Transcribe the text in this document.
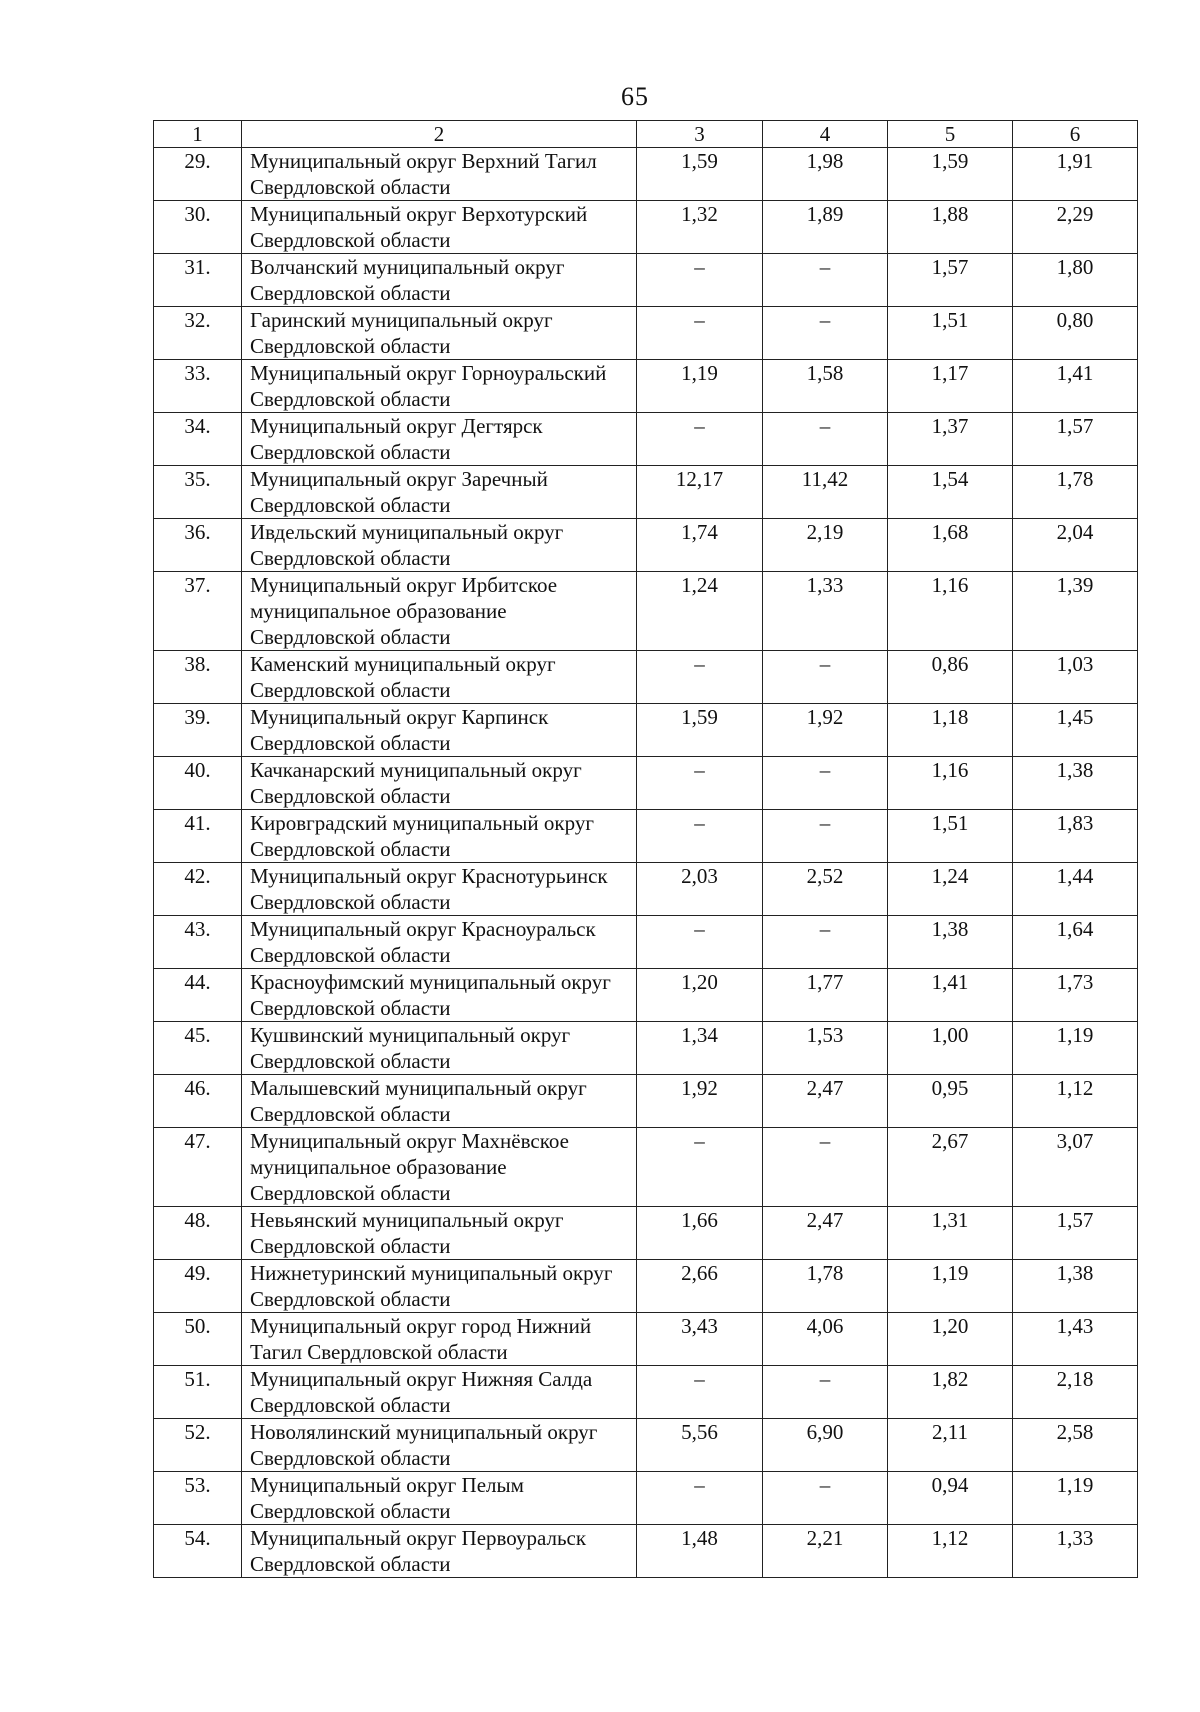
65
1	2	3	4	5	6
29.	Муниципальный округ Верхний Тагил Свердловской области	1,59	1,98	1,59	1,91
30.	Муниципальный округ Верхотурский Свердловской области	1,32	1,89	1,88	2,29
31.	Волчанский муниципальный округ Свердловской области	–	–	1,57	1,80
32.	Гаринский муниципальный округ Свердловской области	–	–	1,51	0,80
33.	Муниципальный округ Горноуральский Свердловской области	1,19	1,58	1,17	1,41
34.	Муниципальный округ Дегтярск Свердловской области	–	–	1,37	1,57
35.	Муниципальный округ Заречный Свердловской области	12,17	11,42	1,54	1,78
36.	Ивдельский муниципальный округ Свердловской области	1,74	2,19	1,68	2,04
37.	Муниципальный округ Ирбитское муниципальное образование Свердловской области	1,24	1,33	1,16	1,39
38.	Каменский муниципальный округ Свердловской области	–	–	0,86	1,03
39.	Муниципальный округ Карпинск Свердловской области	1,59	1,92	1,18	1,45
40.	Качканарский муниципальный округ Свердловской области	–	–	1,16	1,38
41.	Кировградский муниципальный округ Свердловской области	–	–	1,51	1,83
42.	Муниципальный округ Краснотурьинск Свердловской области	2,03	2,52	1,24	1,44
43.	Муниципальный округ Красноуральск Свердловской области	–	–	1,38	1,64
44.	Красноуфимский муниципальный округ Свердловской области	1,20	1,77	1,41	1,73
45.	Кушвинский муниципальный округ Свердловской области	1,34	1,53	1,00	1,19
46.	Малышевский муниципальный округ Свердловской области	1,92	2,47	0,95	1,12
47.	Муниципальный округ Махнёвское муниципальное образование Свердловской области	–	–	2,67	3,07
48.	Невьянский муниципальный округ Свердловской области	1,66	2,47	1,31	1,57
49.	Нижнетуринский муниципальный округ Свердловской области	2,66	1,78	1,19	1,38
50.	Муниципальный округ город Нижний Тагил Свердловской области	3,43	4,06	1,20	1,43
51.	Муниципальный округ Нижняя Салда Свердловской области	–	–	1,82	2,18
52.	Новолялинский муниципальный округ Свердловской области	5,56	6,90	2,11	2,58
53.	Муниципальный округ Пелым Свердловской области	–	–	0,94	1,19
54.	Муниципальный округ Первоуральск Свердловской области	1,48	2,21	1,12	1,33
